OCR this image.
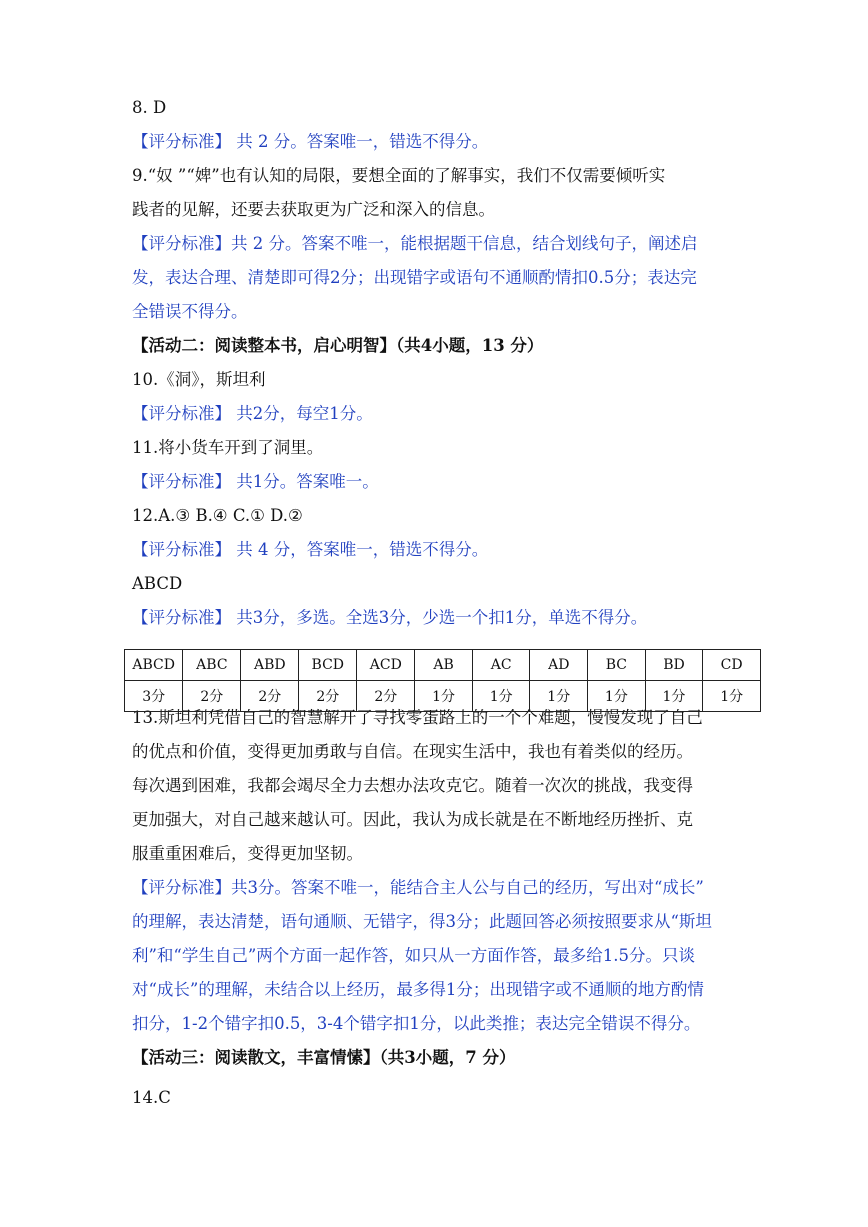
8. D
【评分标准】 共 2 分。答案唯一，错选不得分。
9.“奴 ”“婢”也有认知的局限，要想全面的了解事实，我们不仅需要倾听实
践者的见解，还要去获取更为广泛和深入的信息。
【评分标准】共 2 分。答案不唯一，能根据题干信息，结合划线句子，阐述启
发，表达合理、清楚即可得2分；出现错字或语句不通顺酌情扣0.5分；表达完
全错误不得分。
【活动二：阅读整本书，启心明智】（共4小题，13 分）
10.《洞》，斯坦利
【评分标准】 共2分，每空1分。
11.将小货车开到了洞里。
【评分标准】 共1分。答案唯一。
12.A.③ B.④ C.① D.②
【评分标准】 共 4 分，答案唯一，错选不得分。
ABCD
【评分标准】 共3分，多选。全选3分，少选一个扣1分，单选不得分。
13.斯坦利凭借自己的智慧解开了寻找零蛋路上的一个个难题，慢慢发现了自己
的优点和价值，变得更加勇敢与自信。在现实生活中，我也有着类似的经历。
每次遇到困难，我都会竭尽全力去想办法攻克它。随着一次次的挑战，我变得
更加强大，对自己越来越认可。因此，我认为成长就是在不断地经历挫折、克
服重重困难后，变得更加坚韧。
【评分标准】共3分。答案不唯一，能结合主人公与自己的经历，写出对“成长”
的理解，表达清楚，语句通顺、无错字，得3分；此题回答必须按照要求从“斯坦
利”和“学生自己”两个方面一起作答，如只从一方面作答，最多给1.5分。只谈
对“成长”的理解，未结合以上经历，最多得1分；出现错字或不通顺的地方酌情
扣分，1-2个错字扣0.5，3-4个错字扣1分，以此类推；表达完全错误不得分。
【活动三：阅读散文，丰富情愫】（共3小题，7 分）
14.C
ABCD	ABC	ABD	BCD	ACD	AB	AC	AD	BC	BD	CD
3分	2分	2分	2分	2分	1分	1分	1分	1分	1分	1分
